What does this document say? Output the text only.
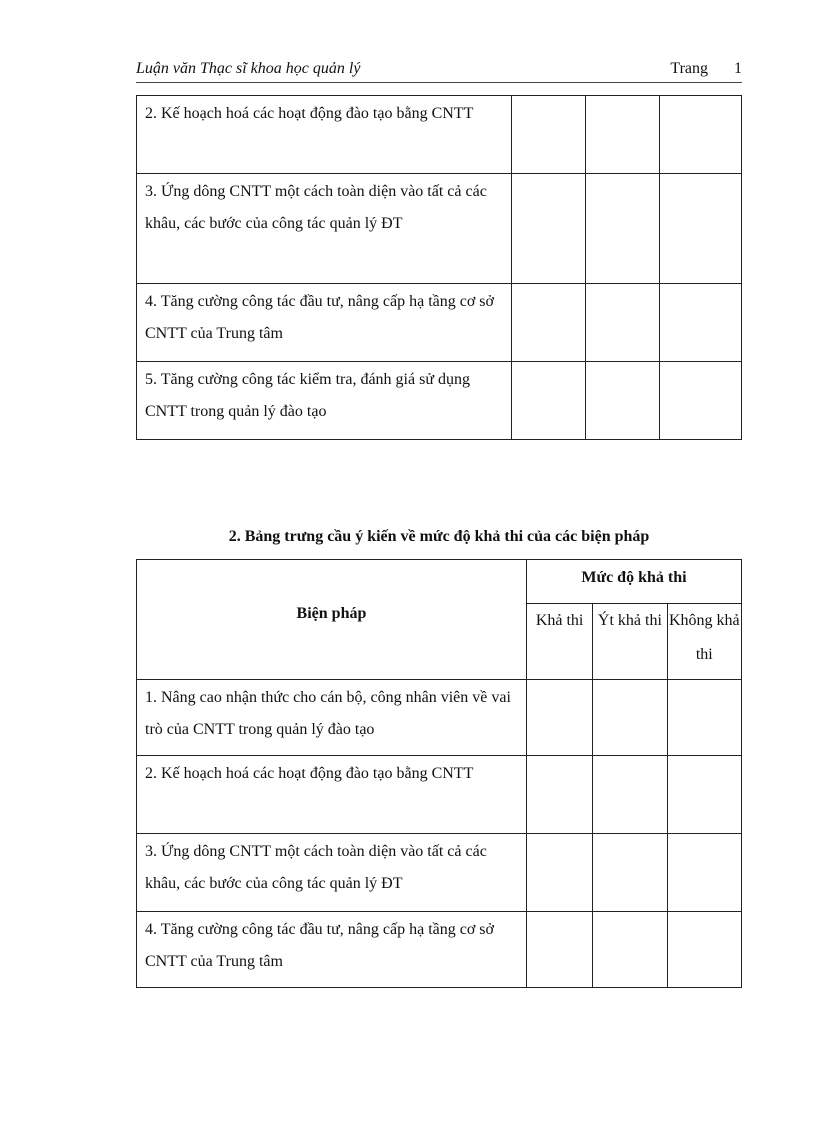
Luận văn Thạc sĩ khoa học quản lý	Trang 1
2. Kế hoạch hoá các hoạt động đào tạo bằng CNTT			
3. Ứng dông CNTT một cách toàn diện vào tất cả các khâu, các bước của công tác quản lý ĐT			
4. Tăng cường công tác đầu tư, nâng cấp hạ tầng cơ sở CNTT của Trung tâm			
5. Tăng cường công tác kiểm tra, đánh giá sử dụng CNTT trong quản lý đào tạo			
2. Bảng trưng cầu ý kiến về mức độ khả thi của các biện pháp
Biện pháp	Mức độ khả thi		
	Khả thi	Ýt khả thi	Không khả thi
1. Nâng cao nhận thức cho cán bộ, công nhân viên về vai trò của CNTT trong quản lý đào tạo			
2. Kế hoạch hoá các hoạt động đào tạo bằng CNTT			
3. Ứng dông CNTT một cách toàn diện vào tất cả các khâu, các bước của công tác quản lý ĐT			
4. Tăng cường công tác đầu tư, nâng cấp hạ tầng cơ sở CNTT của Trung tâm			
